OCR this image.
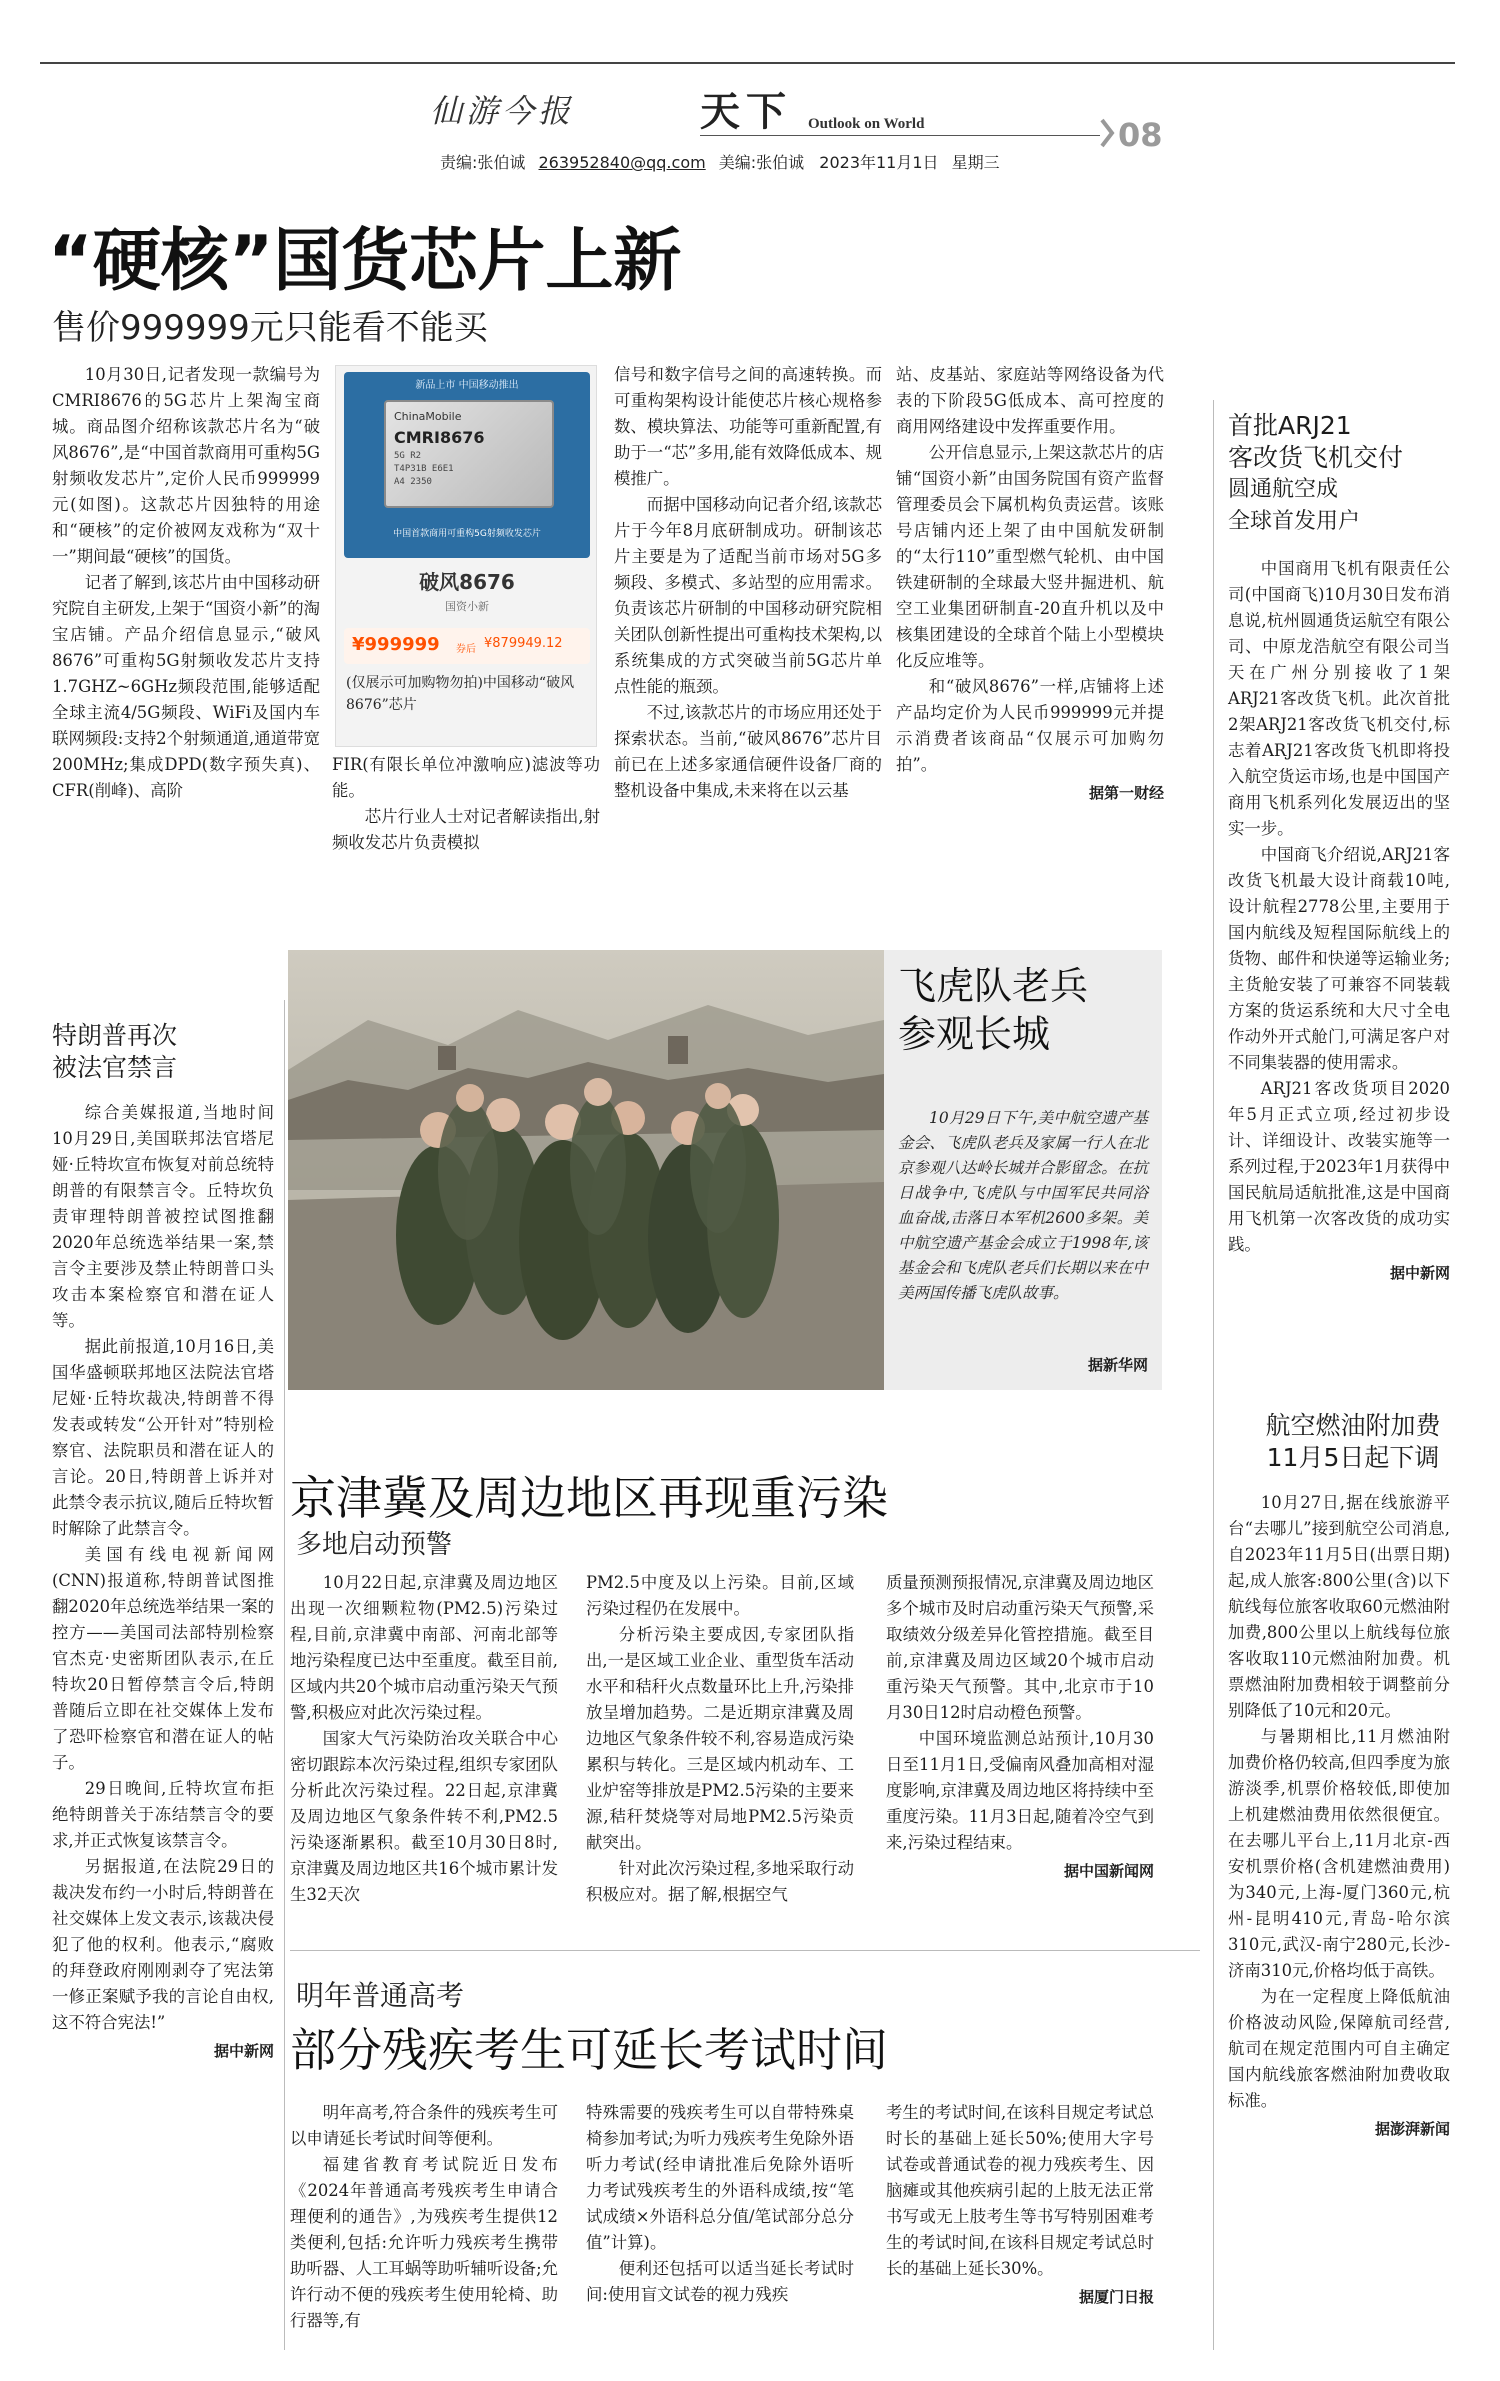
仙游今报	天下 Outlook on World	08
责编:张伯诚 263952840@qq.com 美编:张伯诚 2023年11月1日 星期三
“硬核”国货芯片上新
售价999999元只能看不能买

10月30日,记者发现一款编号为CMRI8676的5G芯片上架淘宝商城。商品图介绍称该款芯片名为“破风8676”,是“中国首款商用可重构5G射频收发芯片”,定价人民币999999元(如图)。这款芯片因独特的用途和“硬核”的定价被网友戏称为“双十一”期间最“硬核”的国货。

记者了解到,该芯片由中国移动研究院自主研发,上架于“国资小新”的淘宝店铺。产品介绍信息显示,“破风8676”可重构5G射频收发芯片支持1.7GHZ~6GHz频段范围,能够适配全球主流4/5G频段、WiFi及国内车联网频段:支持2个射频通道,通道带宽200MHz;集成DPD(数字预失真)、CFR(削峰)、高阶

新品上市 中国移动推出
ChinaMobile
CMRI8676
5G R2
T4P31B E6E1
A4 2350
中国首款商用可重构5G射频收发芯片
破风8676
国资小新
¥999999 券后 ¥879949.12
(仅展示可加购物勿拍)中国移动“破风8676”芯片

FIR(有限长单位冲激响应)滤波等功能。

芯片行业人士对记者解读指出,射频收发芯片负责模拟

信号和数字信号之间的高速转换。而可重构架构设计能使芯片核心规格参数、模块算法、功能等可重新配置,有助于一“芯”多用,能有效降低成本、规模推广。

而据中国移动向记者介绍,该款芯片于今年8月底研制成功。研制该芯片主要是为了适配当前市场对5G多频段、多模式、多站型的应用需求。负责该芯片研制的中国移动研究院相关团队创新性提出可重构技术架构,以系统集成的方式突破当前5G芯片单点性能的瓶颈。

不过,该款芯片的市场应用还处于探索状态。当前,“破风8676”芯片目前已在上述多家通信硬件设备厂商的整机设备中集成,未来将在以云基

站、皮基站、家庭站等网络设备为代表的下阶段5G低成本、高可控度的商用网络建设中发挥重要作用。

公开信息显示,上架这款芯片的店铺“国资小新”由国务院国有资产监督管理委员会下属机构负责运营。该账号店铺内还上架了由中国航发研制的“太行110”重型燃气轮机、由中国铁建研制的全球最大竖井掘进机、航空工业集团研制直-20直升机以及中核集团建设的全球首个陆上小型模块化反应堆等。

和“破风8676”一样,店铺将上述产品均定价为人民币999999元并提示消费者该商品“仅展示可加购勿拍”。

据第一财经
首批ARJ21
客改货飞机交付
圆通航空成
全球首发用户

中国商用飞机有限责任公司(中国商飞)10月30日发布消息说,杭州圆通货运航空有限公司、中原龙浩航空有限公司当天在广州分别接收了1架ARJ21客改货飞机。此次首批2架ARJ21客改货飞机交付,标志着ARJ21客改货飞机即将投入航空货运市场,也是中国国产商用飞机系列化发展迈出的坚实一步。

中国商飞介绍说,ARJ21客改货飞机最大设计商载10吨,设计航程2778公里,主要用于国内航线及短程国际航线上的货物、邮件和快递等运输业务;主货舱安装了可兼容不同装载方案的货运系统和大尺寸全电作动外开式舱门,可满足客户对不同集装器的使用需求。

ARJ21客改货项目2020年5月正式立项,经过初步设计、详细设计、改装实施等一系列过程,于2023年1月获得中国民航局适航批准,这是中国商用飞机第一次客改货的成功实践。

据中新网
航空燃油附加费
11月5日起下调

10月27日,据在线旅游平台“去哪儿”接到航空公司消息,自2023年11月5日(出票日期)起,成人旅客:800公里(含)以下航线每位旅客收取60元燃油附加费,800公里以上航线每位旅客收取110元燃油附加费。机票燃油附加费相较于调整前分别降低了10元和20元。

与暑期相比,11月燃油附加费价格仍较高,但四季度为旅游淡季,机票价格较低,即使加上机建燃油费用依然很便宜。在去哪儿平台上,11月北京-西安机票价格(含机建燃油费用)为340元,上海-厦门360元,杭州-昆明410元,青岛-哈尔滨310元,武汉-南宁280元,长沙-济南310元,价格均低于高铁。

为在一定程度上降低航油价格波动风险,保障航司经营,航司在规定范围内可自主确定国内航线旅客燃油附加费收取标准。

据澎湃新闻
特朗普再次
被法官禁言

综合美媒报道,当地时间10月29日,美国联邦法官塔尼娅·丘特坎宣布恢复对前总统特朗普的有限禁言令。丘特坎负责审理特朗普被控试图推翻2020年总统选举结果一案,禁言令主要涉及禁止特朗普口头攻击本案检察官和潜在证人等。

据此前报道,10月16日,美国华盛顿联邦地区法院法官塔尼娅·丘特坎裁决,特朗普不得发表或转发“公开针对”特别检察官、法院职员和潜在证人的言论。20日,特朗普上诉并对此禁令表示抗议,随后丘特坎暂时解除了此禁言令。

美国有线电视新闻网(CNN)报道称,特朗普试图推翻2020年总统选举结果一案的控方——美国司法部特别检察官杰克·史密斯团队表示,在丘特坎20日暂停禁言令后,特朗普随后立即在社交媒体上发布了恐吓检察官和潜在证人的帖子。

29日晚间,丘特坎宣布拒绝特朗普关于冻结禁言令的要求,并正式恢复该禁言令。

另据报道,在法院29日的裁决发布约一小时后,特朗普在社交媒体上发文表示,该裁决侵犯了他的权利。他表示,“腐败的拜登政府刚刚剥夺了宪法第一修正案赋予我的言论自由权,这不符合宪法!”

据中新网
飞虎队老兵
参观长城
10月29日下午,美中航空遗产基金会、飞虎队老兵及家属一行人在北京参观八达岭长城并合影留念。在抗日战争中,飞虎队与中国军民共同浴血奋战,击落日本军机2600多架。美中航空遗产基金会成立于1998年,该基金会和飞虎队老兵们长期以来在中美两国传播飞虎队故事。
据新华网
京津冀及周边地区再现重污染
多地启动预警

10月22日起,京津冀及周边地区出现一次细颗粒物(PM2.5)污染过程,目前,京津冀中南部、河南北部等地污染程度已达中至重度。截至目前,区域内共20个城市启动重污染天气预警,积极应对此次污染过程。

国家大气污染防治攻关联合中心密切跟踪本次污染过程,组织专家团队分析此次污染过程。22日起,京津冀及周边地区气象条件转不利,PM2.5污染逐渐累积。截至10月30日8时,京津冀及周边地区共16个城市累计发生32天次

PM2.5中度及以上污染。目前,区域污染过程仍在发展中。

分析污染主要成因,专家团队指出,一是区域工业企业、重型货车活动水平和秸秆火点数量环比上升,污染排放呈增加趋势。二是近期京津冀及周边地区气象条件较不利,容易造成污染累积与转化。三是区域内机动车、工业炉窑等排放是PM2.5污染的主要来源,秸秆焚烧等对局地PM2.5污染贡献突出。

针对此次污染过程,多地采取行动积极应对。据了解,根据空气

质量预测预报情况,京津冀及周边地区多个城市及时启动重污染天气预警,采取绩效分级差异化管控措施。截至目前,京津冀及周边区域20个城市启动重污染天气预警。其中,北京市于10月30日12时启动橙色预警。

中国环境监测总站预计,10月30日至11月1日,受偏南风叠加高相对湿度影响,京津冀及周边地区将持续中至重度污染。11月3日起,随着冷空气到来,污染过程结束。

据中国新闻网
明年普通高考
部分残疾考生可延长考试时间

明年高考,符合条件的残疾考生可以申请延长考试时间等便利。

福建省教育考试院近日发布《2024年普通高考残疾考生申请合理便利的通告》,为残疾考生提供12类便利,包括:允许听力残疾考生携带助听器、人工耳蜗等助听辅听设备;允许行动不便的残疾考生使用轮椅、助行器等,有

特殊需要的残疾考生可以自带特殊桌椅参加考试;为听力残疾考生免除外语听力考试(经申请批准后免除外语听力考试残疾考生的外语科成绩,按“笔试成绩×外语科总分值/笔试部分总分值”计算)。

便利还包括可以适当延长考试时间:使用盲文试卷的视力残疾

考生的考试时间,在该科目规定考试总时长的基础上延长50%;使用大字号试卷或普通试卷的视力残疾考生、因脑瘫或其他疾病引起的上肢无法正常书写或无上肢考生等书写特别困难考生的考试时间,在该科目规定考试总时长的基础上延长30%。

据厦门日报
